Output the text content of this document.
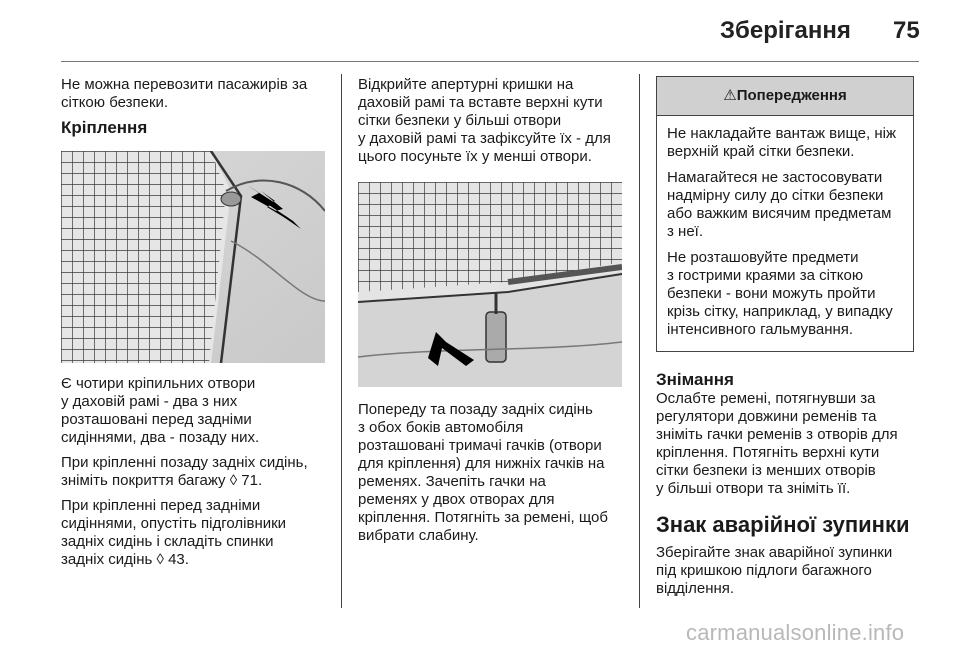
Зберігання 75

Не можна перевозити пасажирів за
сіткою безпеки.

Кріплення

Є чотири кріпильних отвори
у даховій рамі - два з них
розташовані перед задніми
сидіннями, два - позаду них.

При кріпленні позаду задніх сидінь,
зніміть покриття багажу ◊ 71.

При кріпленні перед задніми
сидіннями, опустіть підголівники
задніх сидінь і складіть спинки
задніх сидінь ◊ 43.

Відкрийте апертурні кришки на
даховій рамі та вставте верхні кути
сітки безпеки у більші отвори
у даховій рамі та зафіксуйте їх - для
цього посуньте їх у менші отвори.

Попереду та позаду задніх сидінь
з обох боків автомобіля
розташовані тримачі гачків (отвори
для кріплення) для нижніх гачків на
ременях. Зачепіть гачки на
ременях у двох отворах для
кріплення. Потягніть за ремені, щоб
вибрати слабину.

⚠Попередження

Не накладайте вантаж вище, ніж
верхній край сітки безпеки.

Намагайтеся не застосовувати
надмірну силу до сітки безпеки
або важким висячим предметам
з неї.

Не розташовуйте предмети
з гострими краями за сіткою
безпеки - вони можуть пройти
крізь сітку, наприклад, у випадку
інтенсивного гальмування.

Знімання

Ослабте ремені, потягнувши за
регулятори довжини ременів та
зніміть гачки ременів з отворів для
кріплення. Потягніть верхні кути
сітки безпеки із менших отворів
у більші отвори та зніміть її.

Знак аварійної зупинки

Зберігайте знак аварійної зупинки
під кришкою підлоги багажного
відділення.

carmanualsonline.info
